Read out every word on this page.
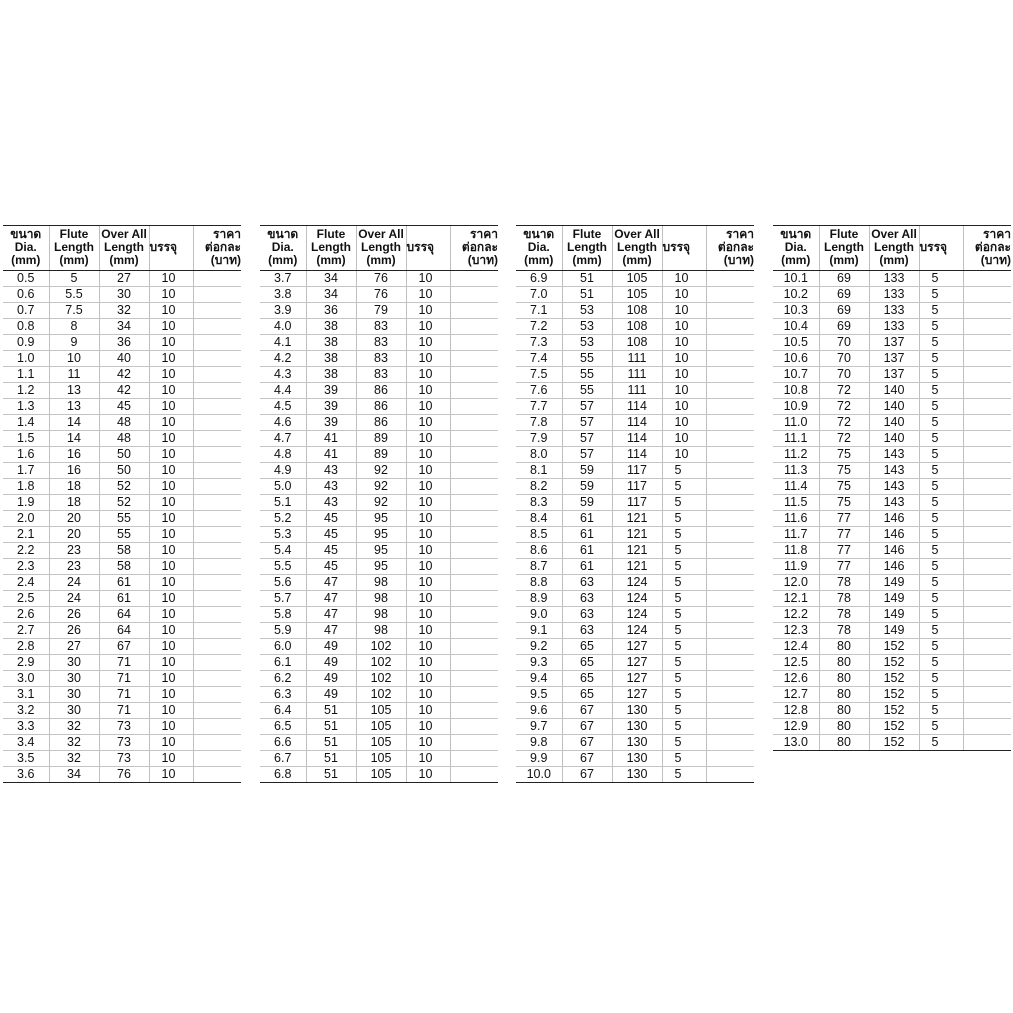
ขนาด
Dia.
(mm)	Flute
Length
(mm)	Over All
Length
(mm)	บรรจุ	ราคา
ต่อกละ
(บาท)

0.5	5	27	10	
0.6	5.5	30	10	
0.7	7.5	32	10	
0.8	8	34	10	
0.9	9	36	10	
1.0	10	40	10	
1.1	11	42	10	
1.2	13	42	10	
1.3	13	45	10	
1.4	14	48	10	
1.5	14	48	10	
1.6	16	50	10	
1.7	16	50	10	
1.8	18	52	10	
1.9	18	52	10	
2.0	20	55	10	
2.1	20	55	10	
2.2	23	58	10	
2.3	23	58	10	
2.4	24	61	10	
2.5	24	61	10	
2.6	26	64	10	
2.7	26	64	10	
2.8	27	67	10	
2.9	30	71	10	
3.0	30	71	10	
3.1	30	71	10	
3.2	30	71	10	
3.3	32	73	10	
3.4	32	73	10	
3.5	32	73	10	
3.6	34	76	10	
ขนาด
Dia.
(mm)	Flute
Length
(mm)	Over All
Length
(mm)	บรรจุ	ราคา
ต่อกละ
(บาท)

3.7	34	76	10	
3.8	34	76	10	
3.9	36	79	10	
4.0	38	83	10	
4.1	38	83	10	
4.2	38	83	10	
4.3	38	83	10	
4.4	39	86	10	
4.5	39	86	10	
4.6	39	86	10	
4.7	41	89	10	
4.8	41	89	10	
4.9	43	92	10	
5.0	43	92	10	
5.1	43	92	10	
5.2	45	95	10	
5.3	45	95	10	
5.4	45	95	10	
5.5	45	95	10	
5.6	47	98	10	
5.7	47	98	10	
5.8	47	98	10	
5.9	47	98	10	
6.0	49	102	10	
6.1	49	102	10	
6.2	49	102	10	
6.3	49	102	10	
6.4	51	105	10	
6.5	51	105	10	
6.6	51	105	10	
6.7	51	105	10	
6.8	51	105	10	
ขนาด
Dia.
(mm)	Flute
Length
(mm)	Over All
Length
(mm)	บรรจุ	ราคา
ต่อกละ
(บาท)

6.9	51	105	10	
7.0	51	105	10	
7.1	53	108	10	
7.2	53	108	10	
7.3	53	108	10	
7.4	55	111	10	
7.5	55	111	10	
7.6	55	111	10	
7.7	57	114	10	
7.8	57	114	10	
7.9	57	114	10	
8.0	57	114	10	
8.1	59	117	5	
8.2	59	117	5	
8.3	59	117	5	
8.4	61	121	5	
8.5	61	121	5	
8.6	61	121	5	
8.7	61	121	5	
8.8	63	124	5	
8.9	63	124	5	
9.0	63	124	5	
9.1	63	124	5	
9.2	65	127	5	
9.3	65	127	5	
9.4	65	127	5	
9.5	65	127	5	
9.6	67	130	5	
9.7	67	130	5	
9.8	67	130	5	
9.9	67	130	5	
10.0	67	130	5	
ขนาด
Dia.
(mm)	Flute
Length
(mm)	Over All
Length
(mm)	บรรจุ	ราคา
ต่อกละ
(บาท)

10.1	69	133	5	
10.2	69	133	5	
10.3	69	133	5	
10.4	69	133	5	
10.5	70	137	5	
10.6	70	137	5	
10.7	70	137	5	
10.8	72	140	5	
10.9	72	140	5	
11.0	72	140	5	
11.1	72	140	5	
11.2	75	143	5	
11.3	75	143	5	
11.4	75	143	5	
11.5	75	143	5	
11.6	77	146	5	
11.7	77	146	5	
11.8	77	146	5	
11.9	77	146	5	
12.0	78	149	5	
12.1	78	149	5	
12.2	78	149	5	
12.3	78	149	5	
12.4	80	152	5	
12.5	80	152	5	
12.6	80	152	5	
12.7	80	152	5	
12.8	80	152	5	
12.9	80	152	5	
13.0	80	152	5	
